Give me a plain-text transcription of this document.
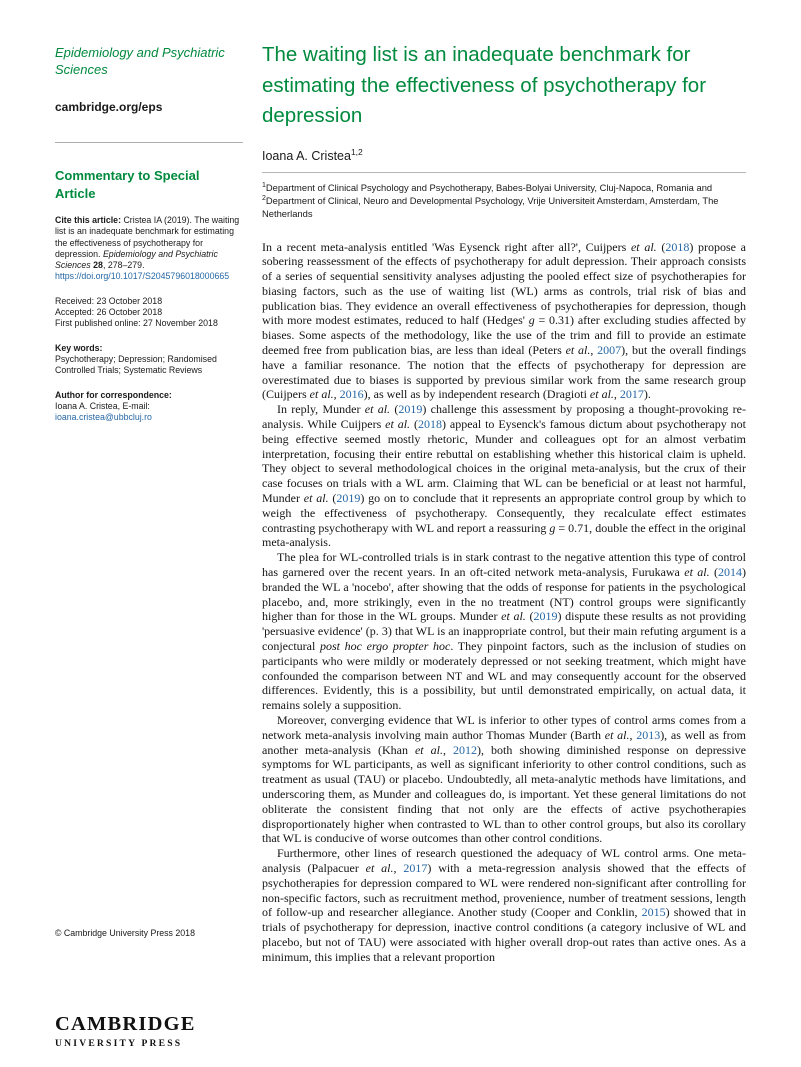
Epidemiology and Psychiatric Sciences
cambridge.org/eps
Commentary to Special Article

Cite this article: Cristea IA (2019). The waiting list is an inadequate benchmark for estimating the effectiveness of psychotherapy for depression. Epidemiology and Psychiatric Sciences 28, 278–279. https://doi.org/10.1017/S2045796018000665

Received: 23 October 2018
Accepted: 26 October 2018
First published online: 27 November 2018

Key words:
Psychotherapy; Depression; Randomised Controlled Trials; Systematic Reviews

Author for correspondence:
Ioana A. Cristea, E-mail: ioana.cristea@ubbcluj.ro

© Cambridge University Press 2018
CAMBRIDGE
UNIVERSITY PRESS
The waiting list is an inadequate benchmark for estimating the effectiveness of psychotherapy for depression
Ioana A. Cristea$^{1,2}$

$^1$Department of Clinical Psychology and Psychotherapy, Babes-Bolyai University, Cluj-Napoca, Romania and $^2$Department of Clinical, Neuro and Developmental Psychology, Vrije Universiteit Amsterdam, Amsterdam, The Netherlands

In a recent meta-analysis entitled 'Was Eysenck right after all?', Cuijpers et al. (2018) propose a sobering reassessment of the effects of psychotherapy for adult depression. Their approach consists of a series of sequential sensitivity analyses adjusting the pooled effect size of psychotherapies for biasing factors, such as the use of waiting list (WL) arms as controls, trial risk of bias and publication bias. They evidence an overall effectiveness of psychotherapies for depression, though with more modest estimates, reduced to half (Hedges' g = 0.31) after excluding studies affected by biases. Some aspects of the methodology, like the use of the trim and fill to provide an estimate deemed free from publication bias, are less than ideal (Peters et al., 2007), but the overall findings have a familiar resonance. The notion that the effects of psychotherapy for depression are overestimated due to biases is supported by previous similar work from the same research group (Cuijpers et al., 2016), as well as by independent research (Dragioti et al., 2017).

In reply, Munder et al. (2019) challenge this assessment by proposing a thought-provoking re-analysis. While Cuijpers et al. (2018) appeal to Eysenck's famous dictum about psychotherapy not being effective seemed mostly rhetoric, Munder and colleagues opt for an almost verbatim interpretation, focusing their entire rebuttal on establishing whether this historical claim is upheld. They object to several methodological choices in the original meta-analysis, but the crux of their case focuses on trials with a WL arm. Claiming that WL can be beneficial or at least not harmful, Munder et al. (2019) go on to conclude that it represents an appropriate control group by which to weigh the effectiveness of psychotherapy. Consequently, they recalculate effect estimates contrasting psychotherapy with WL and report a reassuring g = 0.71, double the effect in the original meta-analysis.

The plea for WL-controlled trials is in stark contrast to the negative attention this type of control has garnered over the recent years. In an oft-cited network meta-analysis, Furukawa et al. (2014) branded the WL a 'nocebo', after showing that the odds of response for patients in the psychological placebo, and, more strikingly, even in the no treatment (NT) control groups were significantly higher than for those in the WL groups. Munder et al. (2019) dispute these results as not providing 'persuasive evidence' (p. 3) that WL is an inappropriate control, but their main refuting argument is a conjectural post hoc ergo propter hoc. They pinpoint factors, such as the inclusion of studies on participants who were mildly or moderately depressed or not seeking treatment, which might have confounded the comparison between NT and WL and may consequently account for the observed differences. Evidently, this is a possibility, but until demonstrated empirically, on actual data, it remains solely a supposition.

Moreover, converging evidence that WL is inferior to other types of control arms comes from a network meta-analysis involving main author Thomas Munder (Barth et al., 2013), as well as from another meta-analysis (Khan et al., 2012), both showing diminished response on depressive symptoms for WL participants, as well as significant inferiority to other control conditions, such as treatment as usual (TAU) or placebo. Undoubtedly, all meta-analytic methods have limitations, and underscoring them, as Munder and colleagues do, is important. Yet these general limitations do not obliterate the consistent finding that not only are the effects of active psychotherapies disproportionately higher when contrasted to WL than to other control groups, but also its corollary that WL is conducive of worse outcomes than other control conditions.

Furthermore, other lines of research questioned the adequacy of WL control arms. One meta-analysis (Palpacuer et al., 2017) with a meta-regression analysis showed that the effects of psychotherapies for depression compared to WL were rendered non-significant after controlling for non-specific factors, such as recruitment method, provenience, number of treatment sessions, length of follow-up and researcher allegiance. Another study (Cooper and Conklin, 2015) showed that in trials of psychotherapy for depression, inactive control conditions (a category inclusive of WL and placebo, but not of TAU) were associated with higher overall drop-out rates than active ones. As a minimum, this implies that a relevant proportion
